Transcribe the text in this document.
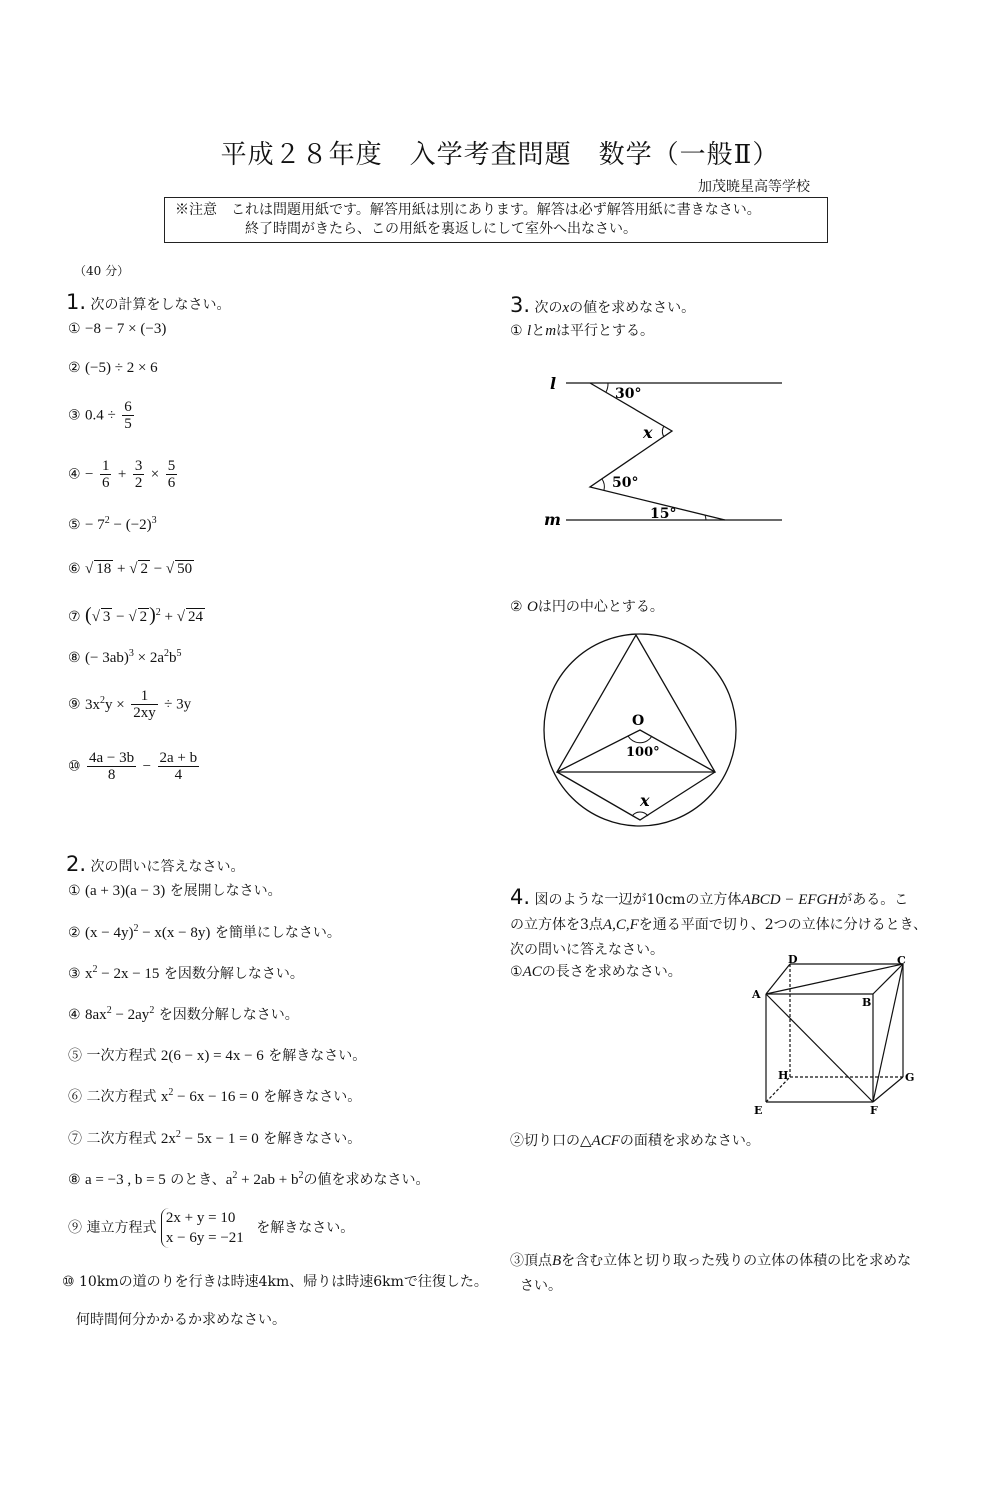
平成２８年度　入学考査問題　数学（一般Ⅱ）
加茂暁星高等学校
※注意　これは問題用紙です。解答用紙は別にあります。解答は必ず解答用紙に書きなさい。
終了時間がきたら、この用紙を裏返しにして室外へ出なさい。
（40 分）
1. 次の計算をしなさい。
① −8 − 7 × (−3)
② (−5) ÷ 2 × 6
③ $0.4 \div \frac{6}{5}$
④ − $\frac{1}{6} + \frac{3}{2} \times \frac{5}{6}$
⑤ − $7^2 - (-2)^3$
⑥ √ 18 + √ 2 − √ 50
⑦ (√ 3 − √ 2 )$^2$ + √ 24
⑧ (− $3ab)^3 \times 2a^2b^5$
⑨ $3x^2y \times \frac{1}{2xy} \div 3y$
⑩ $\frac{4a - 3b}{8} - \frac{2a + b}{4}$
2. 次の問いに答えなさい。
① (a + 3)(a − 3) を展開しなさい。
② $(x - 4y)^2 - x(x - 8y)$ を簡単にしなさい。
③ $x^2 - 2x - 15$ を因数分解しなさい。
④ $8ax^2 - 2ay^2$ を因数分解しなさい。
⑤ 一次方程式 2(6 − x) = 4x − 6 を解きなさい。
⑥ 二次方程式 $x^2 - 6x - 16 = 0$ を解きなさい。
⑦ 二次方程式 $2x^2 - 5x - 1 = 0$ を解きなさい。
⑧ a = −3 , b = 5 のとき、$a^2 + 2ab + b^2$の値を求めなさい。
⑨ 連立方程式
2x + y = 10
x − 6y = −21
を解きなさい。
⑩ 10kmの道のりを行きは時速4km、帰りは時速6kmで往復した。
何時間何分かかるか求めなさい。
3. 次のxの値を求めなさい。
① lとmは平行とする。
l
m
30°
x
50°
15°
② Oは円の中心とする。
O
100°
x
4. 図のような一辺が10cmの立方体ABCD − EFGHがある。こ
の立方体を3点A,C,Fを通る平面で切り、2つの立体に分けるとき、
次の問いに答えなさい。
①ACの長さを求めなさい。
A
B
C
D
E	F
G
H
②切り口の△ACFの面積を求めなさい。
③頂点Bを含む立体と切り取った残りの立体の体積の比を求めな
さい。
